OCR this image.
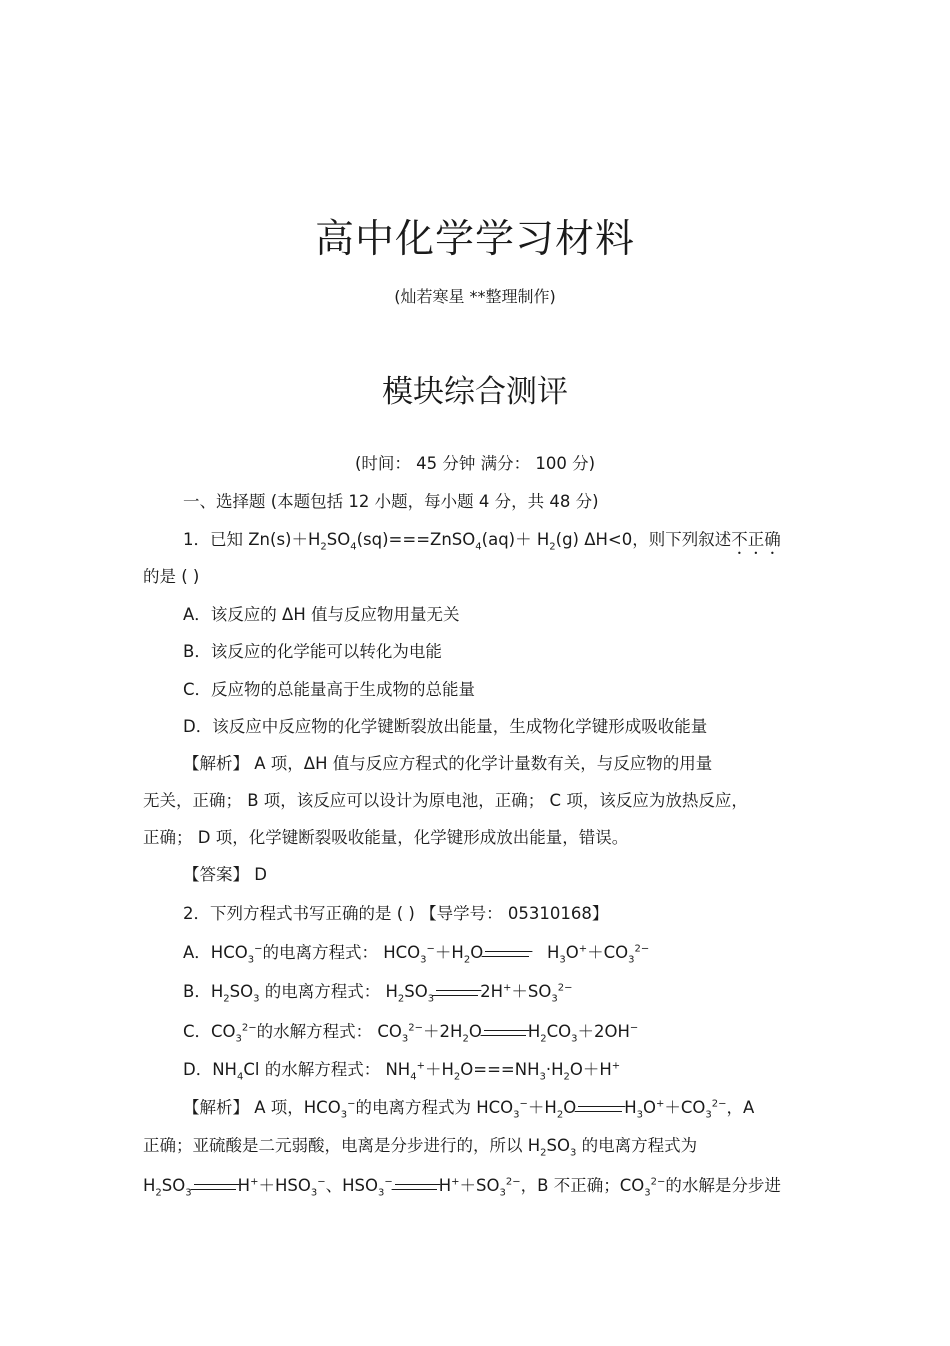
高中化学学习材料
(灿若寒星 **整理制作)
模块综合测评
(时间： 45 分钟 满分： 100 分)
一、选择题 (本题包括 12 小题，每小题 4 分，共 48 分)
1．已知 $Zn(s)+H_2SO_4(sq)===ZnSO_4(aq)+ H_2(g)$ ΔH<0，则下列叙述不正确
的是 ( )
A．该反应的 ΔH 值与反应物用量无关
B．该反应的化学能可以转化为电能
C．反应物的总能量高于生成物的总能量
D．该反应中反应物的化学键断裂放出能量，生成物化学键形成吸收能量
【解析】 A 项，ΔH 值与反应方程式的化学计量数有关，与反应物的用量
无关，正确； B 项，该反应可以设计为原电池，正确； C 项，该反应为放热反应，
正确； D 项，化学键断裂吸收能量，化学键形成放出能量，错误。
【答案】 D
2．下列方程式书写正确的是 ( ) 【导学号： 05310168】
A．$HCO_3^-$的电离方程式： $HCO_3^-+H_2O$	$H_3O^++CO_3^{2-}$
B．$H_2SO_3$ 的电离方程式： $H_2SO_3$	$2H^++SO_3^{2-}$
C．$CO_3^{2-}$的水解方程式： $CO_3^{2-}+2H_2O$	$H_2CO_3+2OH^-$
D．$NH_4Cl$ 的水解方程式： $NH_4^++H_2O===NH_3\cdot H_2O+H^+$
【解析】 A 项，$HCO_3^-$的电离方程式为 $HCO_3^-+H_2O$	$H_3O^++CO_3^{2-}$，A
正确；亚硫酸是二元弱酸，电离是分步进行的，所以 $H_2SO_3$ 的电离方程式为
$H_2SO_3$	$H^++HSO_3^-$、$HSO_3^-$	$H^++SO_3^{2-}$，B 不正确；$CO_3^{2-}$的水解是分步进
